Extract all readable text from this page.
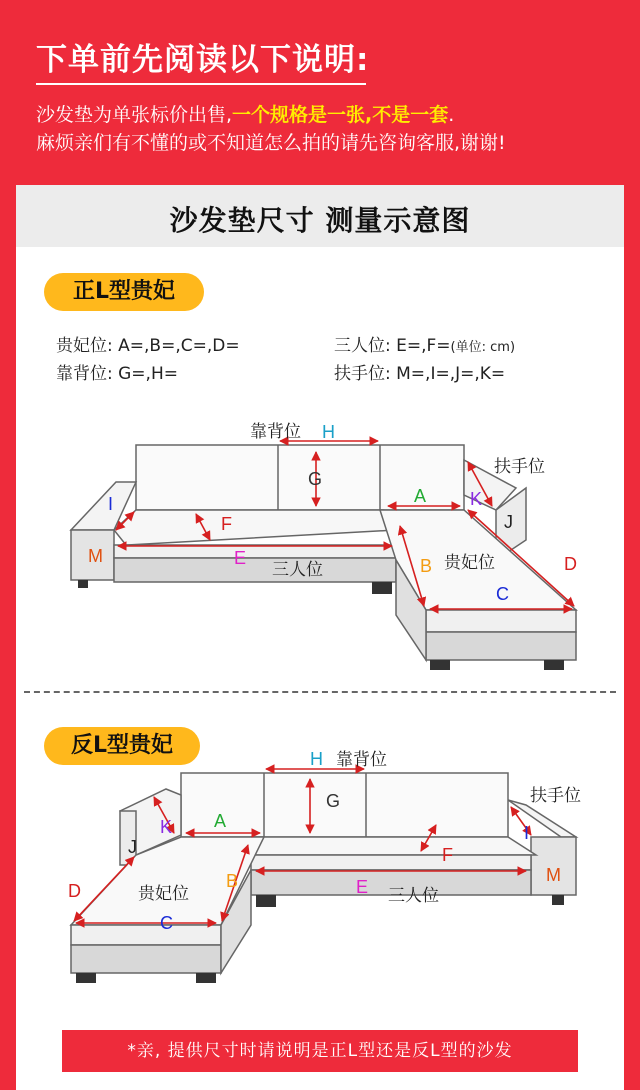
下单前先阅读以下说明:
沙发垫为单张标价出售,一个规格是一张,不是一套.
麻烦亲们有不懂的或不知道怎么拍的请先咨询客服,谢谢!
沙发垫尺寸 测量示意图
正L型贵妃
贵妃位: A=,B=,C=,D=	三人位: E=,F=(单位: cm)
靠背位: G=,H=	扶手位: M=,I=,J=,K=
H
G
A K
J
I
F
E
M	B
C
D
靠背位
扶手位
贵妃位
三人位
反L型贵妃
H
G
A
K
J
I
F
E
M
B
C
D
靠背位
扶手位
贵妃位	三人位
*亲, 提供尺寸时请说明是正L型还是反L型的沙发
